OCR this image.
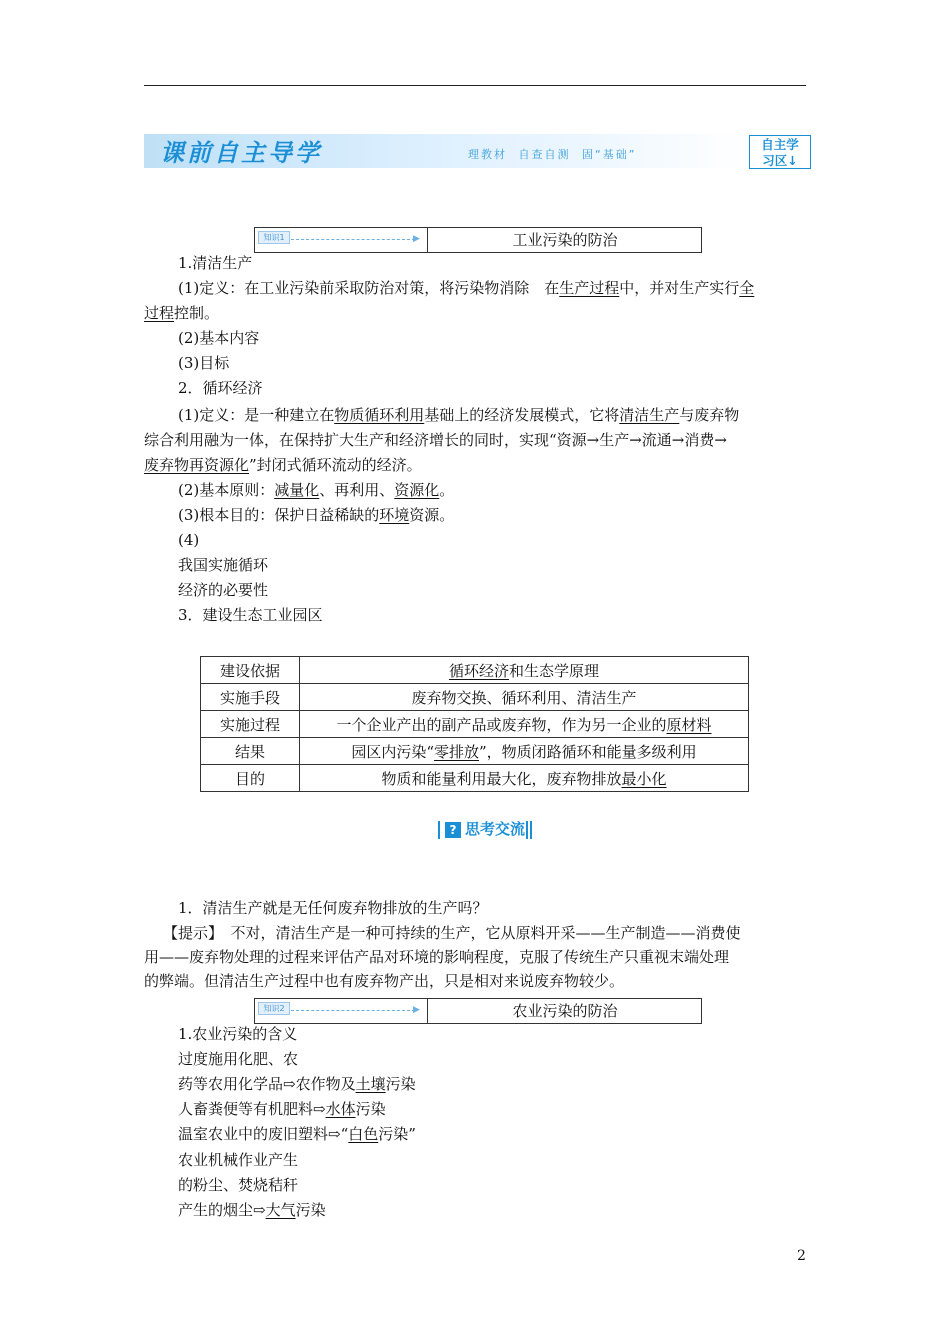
课前自主导学	理教材 自查自测 固“基础”
自主学
习区↓
知识1	▶	工业污染的防治
1.清洁生产
(1)定义：在工业污染前采取防治对策，将污染物消除　在生产过程中，并对生产实行全
过程控制。
(2)基本内容
(3)目标
2．循环经济
(1)定义：是一种建立在物质循环利用基础上的经济发展模式，它将清洁生产与废弃物
综合利用融为一体，在保持扩大生产和经济增长的同时，实现“资源→生产→流通→消费→
废弃物再资源化”封闭式循环流动的经济。
(2)基本原则：减量化、再利用、资源化。
(3)根本目的：保护日益稀缺的环境资源。
(4)
我国实施循环
经济的必要性
3．建设生态工业园区
建设依据	循环经济和生态学原理
实施手段	废弃物交换、循环利用、清洁生产
实施过程	一个企业产出的副产品或废弃物，作为另一企业的原材料
结果	园区内污染“零排放”，物质闭路循环和能量多级利用
目的	物质和能量利用最大化，废弃物排放最小化
? 思考交流
1．清洁生产就是无任何废弃物排放的生产吗？
【提示】　不对，清洁生产是一种可持续的生产，它从原料开采——生产制造——消费使
用——废弃物处理的过程来评估产品对环境的影响程度，克服了传统生产只重视末端处理
的弊端。但清洁生产过程中也有废弃物产出，只是相对来说废弃物较少。
知识2	▶	农业污染的防治
1.农业污染的含义
过度施用化肥、农
药等农用化学品⇨农作物及土壤污染
人畜粪便等有机肥料⇨水体污染
温室农业中的废旧塑料⇨“白色污染”
农业机械作业产生
的粉尘、焚烧秸秆
产生的烟尘⇨大气污染
2
